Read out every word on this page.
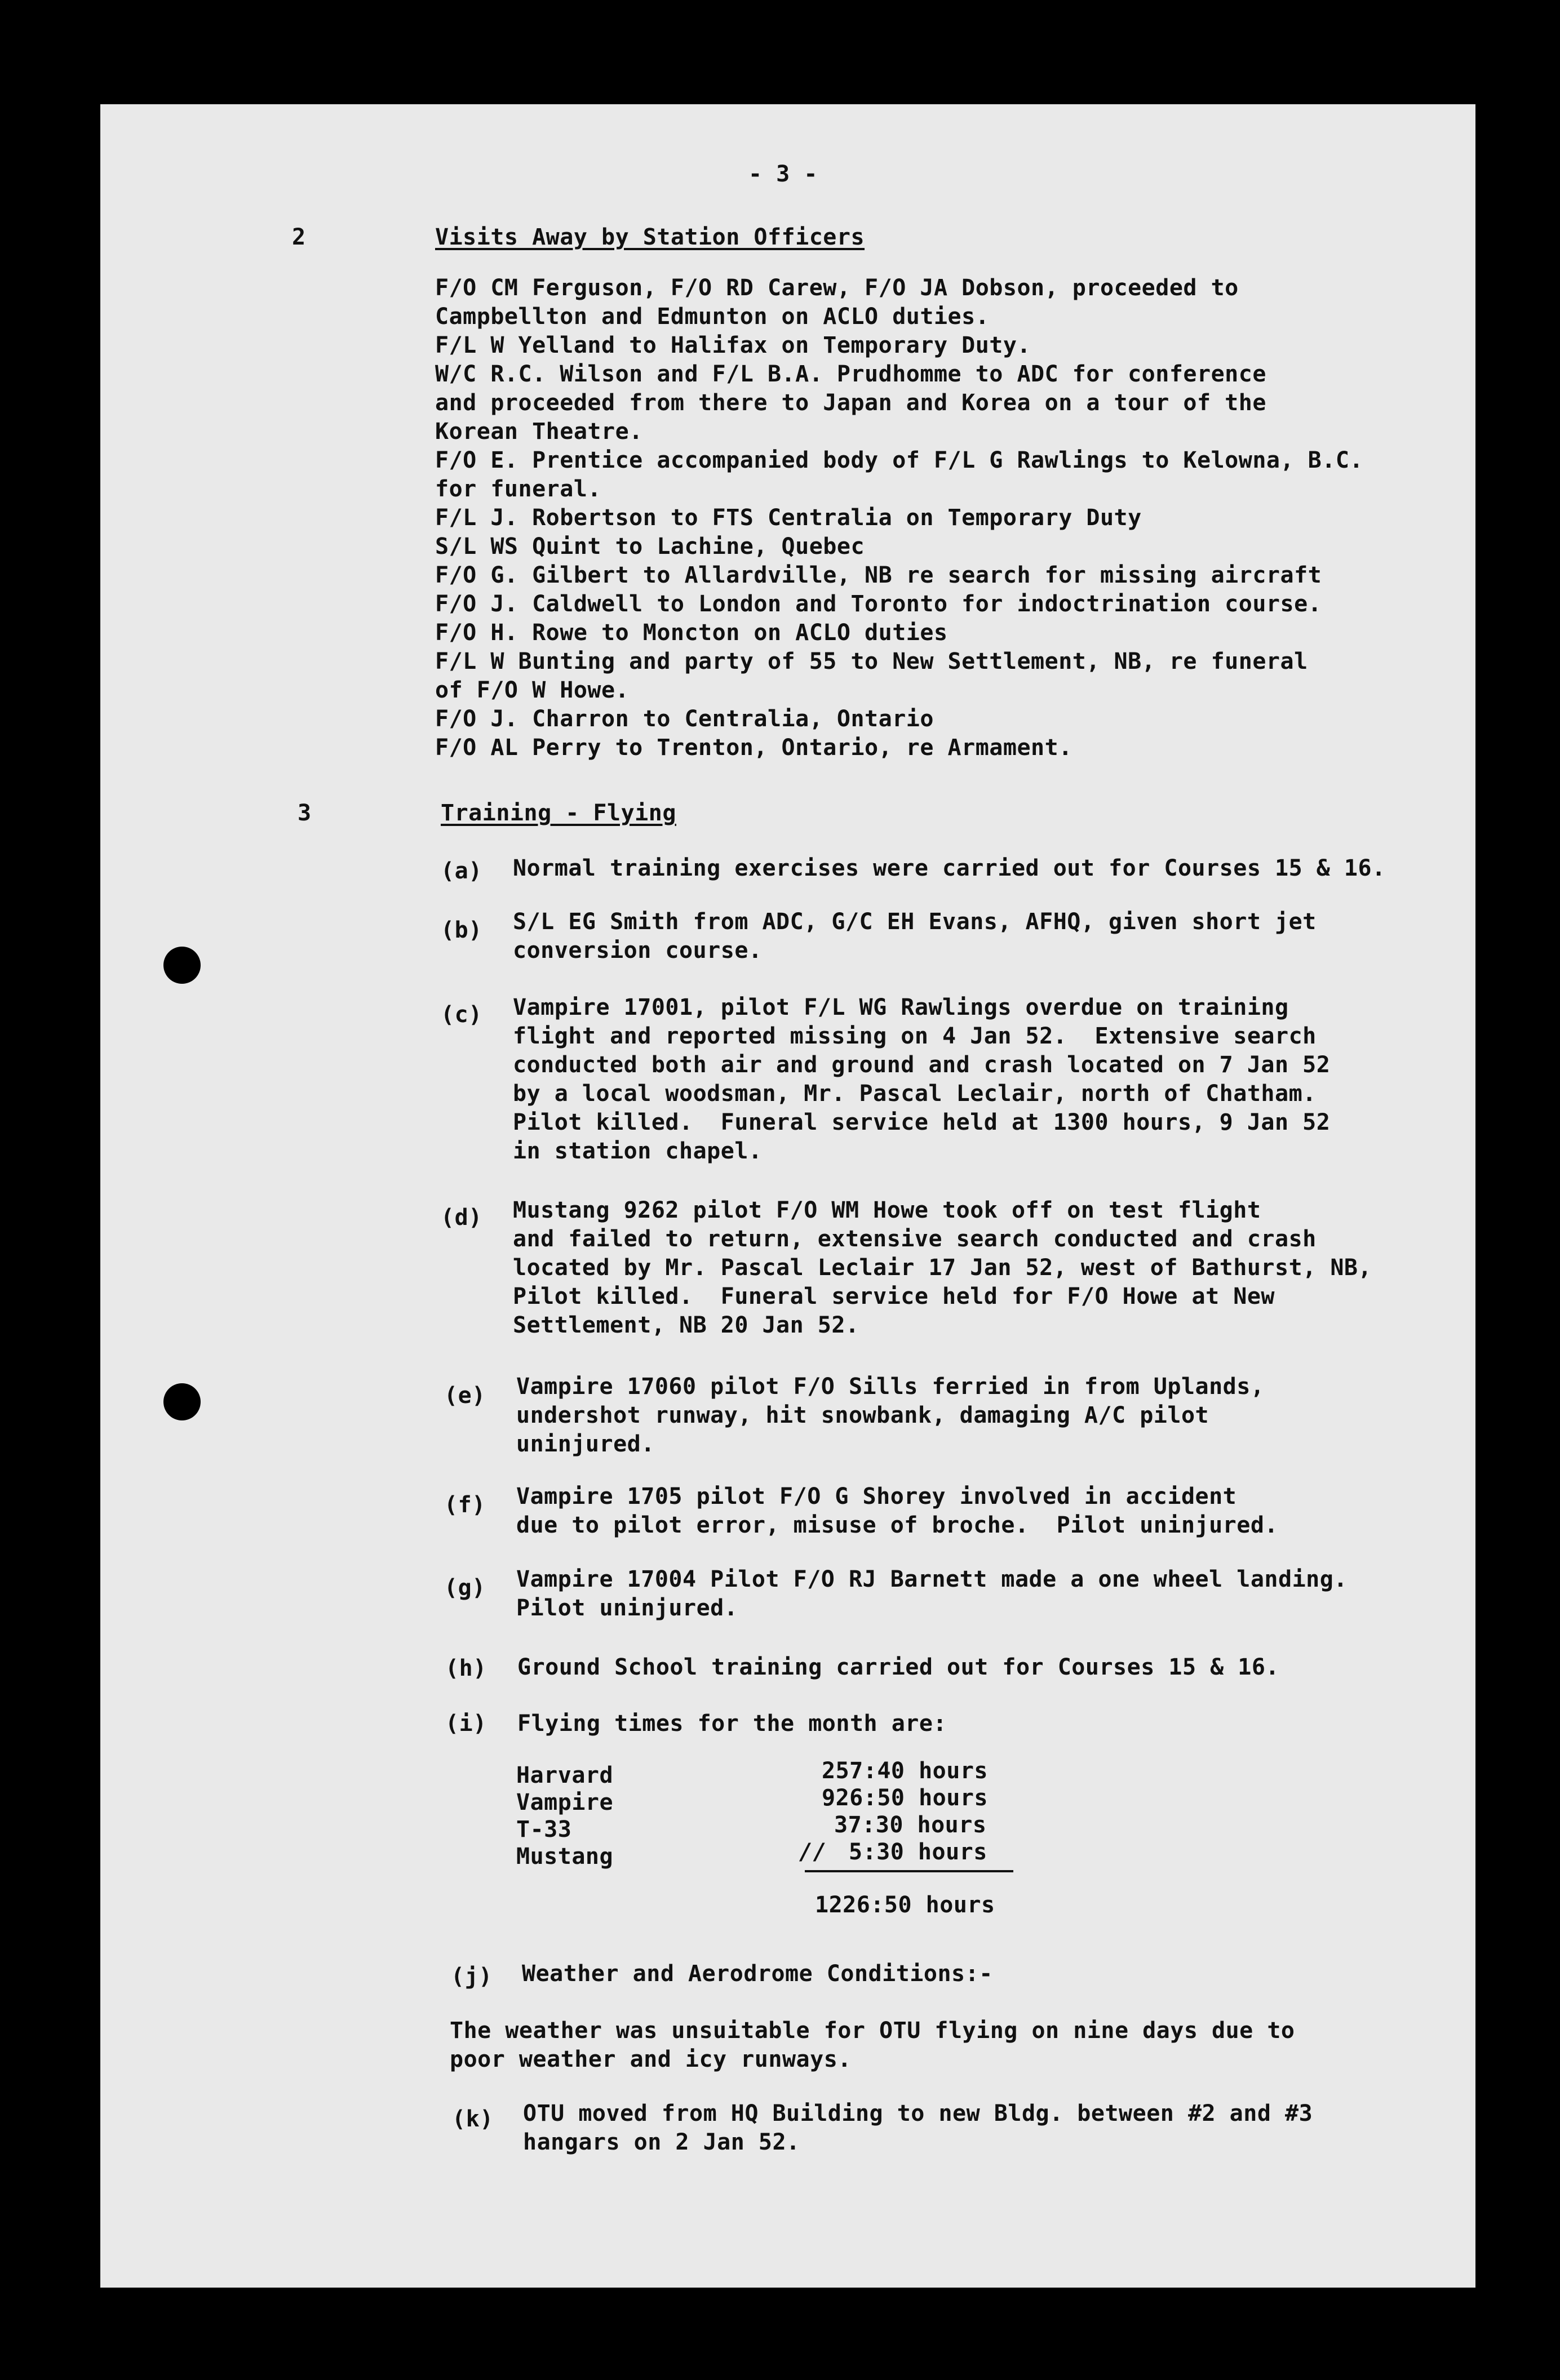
- 3 -
2	Visits Away by Station Officers
F/O CM Ferguson, F/O RD Carew, F/O JA Dobson, proceeded to
Campbellton and Edmunton on ACLO duties.
F/L W Yelland to Halifax on Temporary Duty.
W/C R.C. Wilson and F/L B.A. Prudhomme to ADC for conference
and proceeded from there to Japan and Korea on a tour of the
Korean Theatre.
F/O E. Prentice accompanied body of F/L G Rawlings to Kelowna, B.C.
for funeral.
F/L J. Robertson to FTS Centralia on Temporary Duty
S/L WS Quint to Lachine, Quebec
F/O G. Gilbert to Allardville, NB re search for missing aircraft
F/O J. Caldwell to London and Toronto for indoctrination course.
F/O H. Rowe to Moncton on ACLO duties
F/L W Bunting and party of 55 to New Settlement, NB, re funeral
of F/O W Howe.
F/O J. Charron to Centralia, Ontario
F/O AL Perry to Trenton, Ontario, re Armament.
3	Training - Flying
(a) Normal training exercises were carried out for Courses 15 & 16.
(b) S/L EG Smith from ADC, G/C EH Evans, AFHQ, given short jet
conversion course.
(c) Vampire 17001, pilot F/L WG Rawlings overdue on training
flight and reported missing on 4 Jan 52.  Extensive search
conducted both air and ground and crash located on 7 Jan 52
by a local woodsman, Mr. Pascal Leclair, north of Chatham.
Pilot killed.  Funeral service held at 1300 hours, 9 Jan 52
in station chapel.
(d) Mustang 9262 pilot F/O WM Howe took off on test flight
and failed to return, extensive search conducted and crash
located by Mr. Pascal Leclair 17 Jan 52, west of Bathurst, NB,
Pilot killed.  Funeral service held for F/O Howe at New
Settlement, NB 20 Jan 52.
(e) Vampire 17060 pilot F/O Sills ferried in from Uplands,
undershot runway, hit snowbank, damaging A/C pilot
uninjured.
(f) Vampire 1705 pilot F/O G Shorey involved in accident
due to pilot error, misuse of broche.  Pilot uninjured.
(g) Vampire 17004 Pilot F/O RJ Barnett made a one wheel landing.
Pilot uninjured.
(h) Ground School training carried out for Courses 15 & 16.
(i) Flying times for the month are:
Harvard	257:40 hours
Vampire	926:50 hours
T-33	37:30 hours
Mustang	5:30 hours
//
1226:50 hours
(j) Weather and Aerodrome Conditions:-
The weather was unsuitable for OTU flying on nine days due to
poor weather and icy runways.
(k) OTU moved from HQ Building to new Bldg. between #2 and #3
hangars on 2 Jan 52.
